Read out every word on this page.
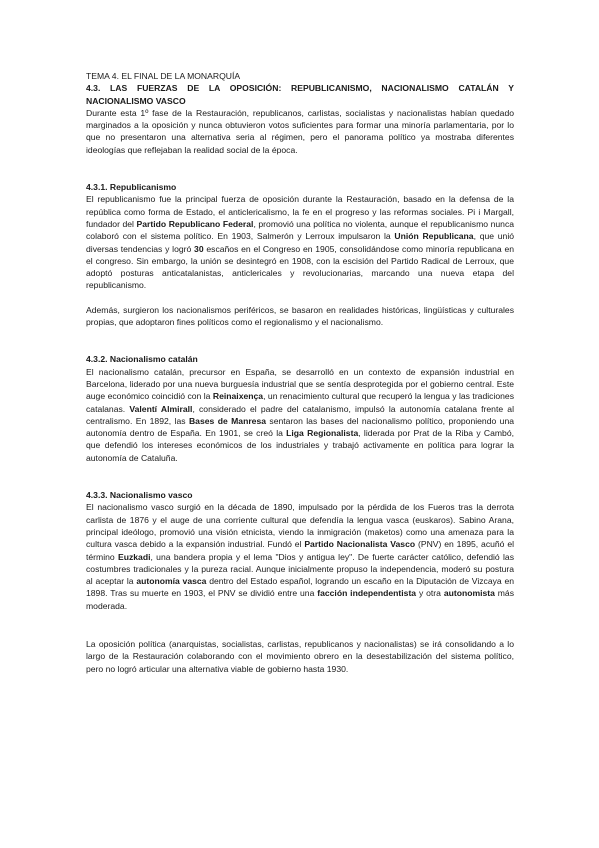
TEMA 4. EL FINAL DE LA MONARQUÍA
4.3. LAS FUERZAS DE LA OPOSICIÓN: REPUBLICANISMO, NACIONALISMO CATALÁN Y NACIONALISMO VASCO

Durante esta 1º fase de la Restauración, republicanos, carlistas, socialistas y nacionalistas habían quedado marginados a la oposición y nunca obtuvieron votos suficientes para formar una minoría parlamentaria, por lo que no presentaron una alternativa seria al régimen, pero el panorama político ya mostraba diferentes ideologías que reflejaban la realidad social de la época.

4.3.1. Republicanismo

El republicanismo fue la principal fuerza de oposición durante la Restauración, basado en la defensa de la república como forma de Estado, el anticlericalismo, la fe en el progreso y las reformas sociales. Pi i Margall, fundador del Partido Republicano Federal, promovió una política no violenta, aunque el republicanismo nunca colaboró con el sistema político. En 1903, Salmerón y Lerroux impulsaron la Unión Republicana, que unió diversas tendencias y logró 30 escaños en el Congreso en 1905, consolidándose como minoría republicana en el congreso. Sin embargo, la unión se desintegró en 1908, con la escisión del Partido Radical de Lerroux, que adoptó posturas anticatalanistas, anticlericales y revolucionarias, marcando una nueva etapa del republicanismo.

Además, surgieron los nacionalismos periféricos, se basaron en realidades históricas, lingüísticas y culturales propias, que adoptaron fines políticos como el regionalismo y el nacionalismo.

4.3.2. Nacionalismo catalán

El nacionalismo catalán, precursor en España, se desarrolló en un contexto de expansión industrial en Barcelona, liderado por una nueva burguesía industrial que se sentía desprotegida por el gobierno central. Este auge económico coincidió con la Reinaixença, un renacimiento cultural que recuperó la lengua y las tradiciones catalanas. Valentí Almirall, considerado el padre del catalanismo, impulsó la autonomía catalana frente al centralismo. En 1892, las Bases de Manresa sentaron las bases del nacionalismo político, proponiendo una autonomía dentro de España. En 1901, se creó la Liga Regionalista, liderada por Prat de la Riba y Cambó, que defendió los intereses económicos de los industriales y trabajó activamente en política para lograr la autonomía de Cataluña.

4.3.3. Nacionalismo vasco

El nacionalismo vasco surgió en la década de 1890, impulsado por la pérdida de los Fueros tras la derrota carlista de 1876 y el auge de una corriente cultural que defendía la lengua vasca (euskaros). Sabino Arana, principal ideólogo, promovió una visión etnicista, viendo la inmigración (maketos) como una amenaza para la cultura vasca debido a la expansión industrial. Fundó el Partido Nacionalista Vasco (PNV) en 1895, acuñó el término Euzkadi, una bandera propia y el lema "Dios y antigua ley". De fuerte carácter católico, defendió las costumbres tradicionales y la pureza racial. Aunque inicialmente propuso la independencia, moderó su postura al aceptar la autonomía vasca dentro del Estado español, logrando un escaño en la Diputación de Vizcaya en 1898. Tras su muerte en 1903, el PNV se dividió entre una facción independentista y otra autonomista más moderada.

La oposición política (anarquistas, socialistas, carlistas, republicanos y nacionalistas) se irá consolidando a lo largo de la Restauración colaborando con el movimiento obrero en la desestabilización del sistema político, pero no logró articular una alternativa viable de gobierno hasta 1930.
